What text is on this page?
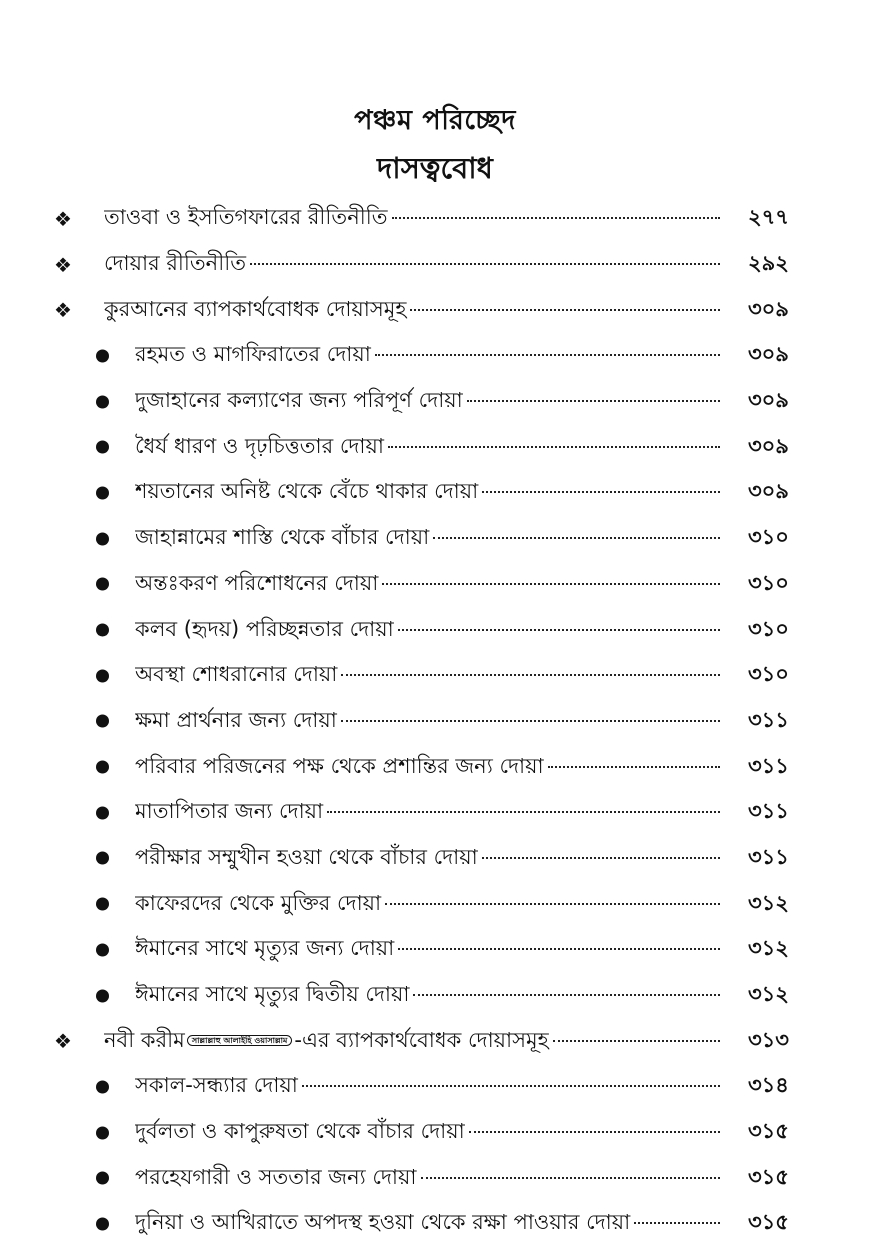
পঞ্চম পরিচ্ছেদ
দাসত্ববোধ
❖ তাওবা ও ইসতিগফারের রীতিনীতি	২৭৭
❖ দোয়ার রীতিনীতি	২৯২
❖ কুরআনের ব্যাপকার্থবোধক দোয়াসমূহ	৩০৯
রহমত ও মাগফিরাতের দোয়া	৩০৯
দুজাহানের কল্যাণের জন্য পরিপূর্ণ দোয়া	৩০৯
ধৈর্য ধারণ ও দৃঢ়চিত্ততার দোয়া	৩০৯
শয়তানের অনিষ্ট থেকে বেঁচে থাকার দোয়া	৩০৯
জাহান্নামের শাস্তি থেকে বাঁচার দোয়া	৩১০
অন্তঃকরণ পরিশোধনের দোয়া	৩১০
কলব (হৃদয়) পরিচ্ছন্নতার দোয়া	৩১০
অবস্থা শোধরানোর দোয়া	৩১০
ক্ষমা প্রার্থনার জন্য দোয়া	৩১১
পরিবার পরিজনের পক্ষ থেকে প্রশান্তির জন্য দোয়া	৩১১
মাতাপিতার জন্য দোয়া	৩১১
পরীক্ষার সম্মুখীন হওয়া থেকে বাঁচার দোয়া	৩১১
কাফেরদের থেকে মুক্তির দোয়া	৩১২
ঈমানের সাথে মৃত্যুর জন্য দোয়া	৩১২
ঈমানের সাথে মৃত্যুর দ্বিতীয় দোয়া	৩১২
❖ নবী করীম সাল্লাল্লাহু আলাইহি ওয়াসাল্লাম -এর ব্যাপকার্থবোধক দোয়াসমূহ	৩১৩
সকাল-সন্ধ্যার দোয়া	৩১৪
দুর্বলতা ও কাপুরুষতা থেকে বাঁচার দোয়া	৩১৫
পরহেযগারী ও সততার জন্য দোয়া	৩১৫
দুনিয়া ও আখিরাতে অপদস্থ হওয়া থেকে রক্ষা পাওয়ার দোয়া	৩১৫
